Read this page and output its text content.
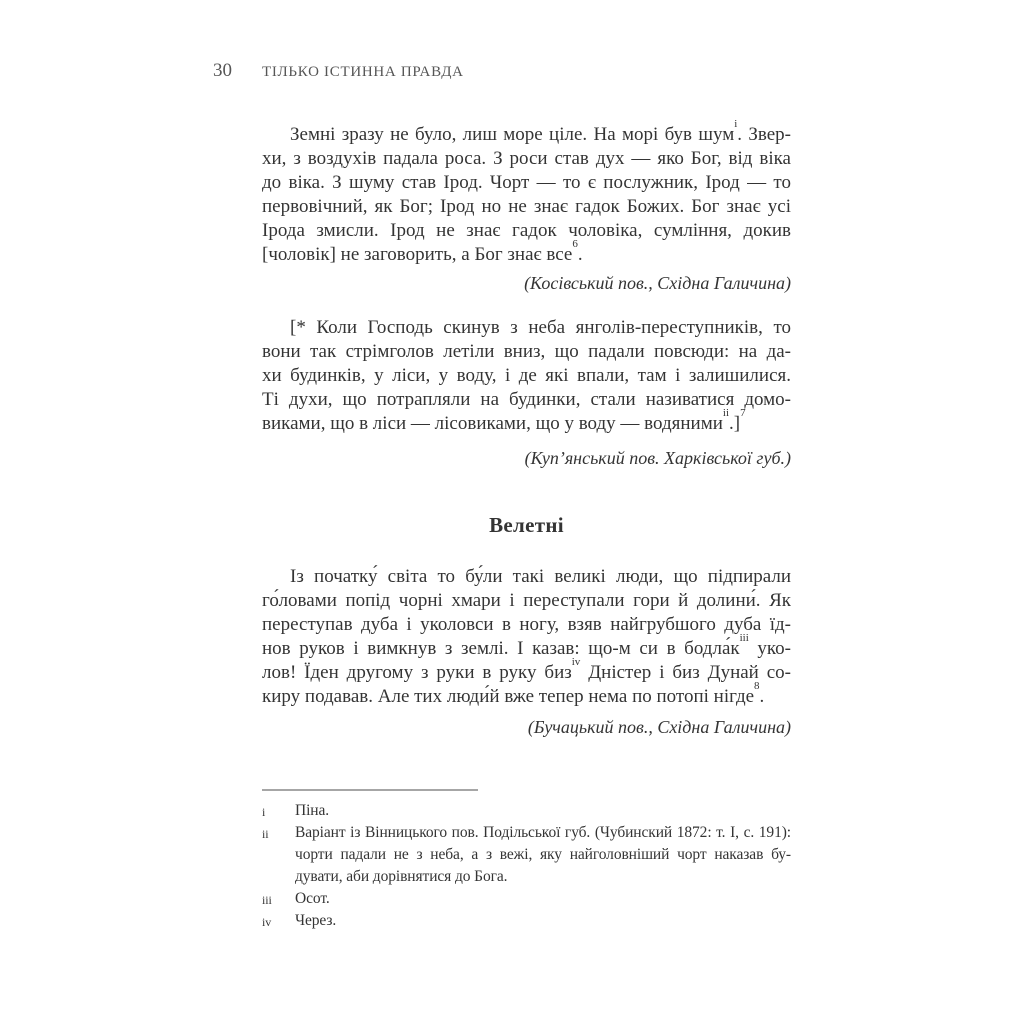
30	ТІЛЬКО ІСТИННА ПРАВДА
Земні зразу не було, лиш море ціле. На морі був шум$^i$. Звер-
хи, з воздухів падала роса. З роси став дух — яко Бог, від віка
до віка. З шуму став Ірод. Чорт — то є послужник, Ірод — то
первовічний, як Бог; Ірод но не знає гадок Божих. Бог знає усі
Ірода змисли. Ірод не знає гадок чоловіка, сумління, докив
[чоловік] не заговорить, а Бог знає все$^6$.
(Косівський пов., Східна Галичина)
[* Коли Господь скинув з неба янголів-переступників, то
вони так стрімголов летіли вниз, що падали повсюди: на да-
хи будинків, у ліси, у воду, і де які впали, там і залишилися.
Ті духи, що потрапляли на будинки, стали називатися домо-
виками, що в ліси — лісовиками, що у воду — водяними$^{ii}$.]$^7$
(Куп’янський пов. Харківської губ.)
Велетні
Із початку́ світа то бу́ли такі великі люди, що підпирали
го́ловами попід чорні хмари і переступали гори й долини́. Як
переступав дуба і уколовси в ногу, взяв найгрубшого дуба їд-
нов руков і вимкнув з землі. І казав: що-м си в $бодла́к^{iii}$ уко-
лов! Їден другому з руки в руку биз$^{iv}$ Дністер і биз Дунай со-
киру подавав. Але тих люди́й вже тепер нема по потопі нігде$^8$.
(Бучацький пов., Східна Галичина)
i	Піна.
ii	Варіант із Вінницького пов. Подільської губ. (Чубинский 1872: т. I, с. 191):
чорти падали не з неба, а з вежі, яку найголовніший чорт наказав бу-
дувати, аби дорівнятися до Бога.
iii	Осот.
iv	Через.
